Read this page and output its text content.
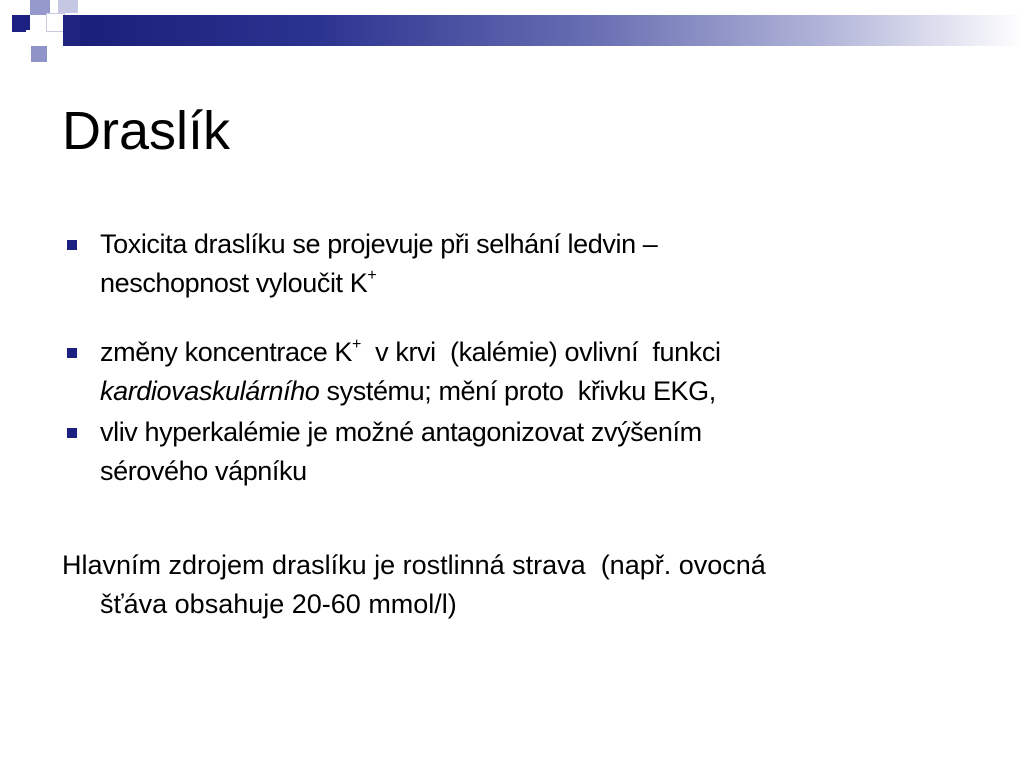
Draslík
Toxicita draslíku se projevuje při selhání ledvin –
neschopnost vyloučit K+
změny koncentrace K+  v krvi  (kalémie) ovlivní  funkci
kardiovaskulárního systému; mění proto  křivku EKG,
vliv hyperkalémie je možné antagonizovat zvýšením
sérového vápníku

Hlavním zdrojem draslíku je rostlinná strava  (např. ovocná

šťáva obsahuje 20-60 mmol/l)
